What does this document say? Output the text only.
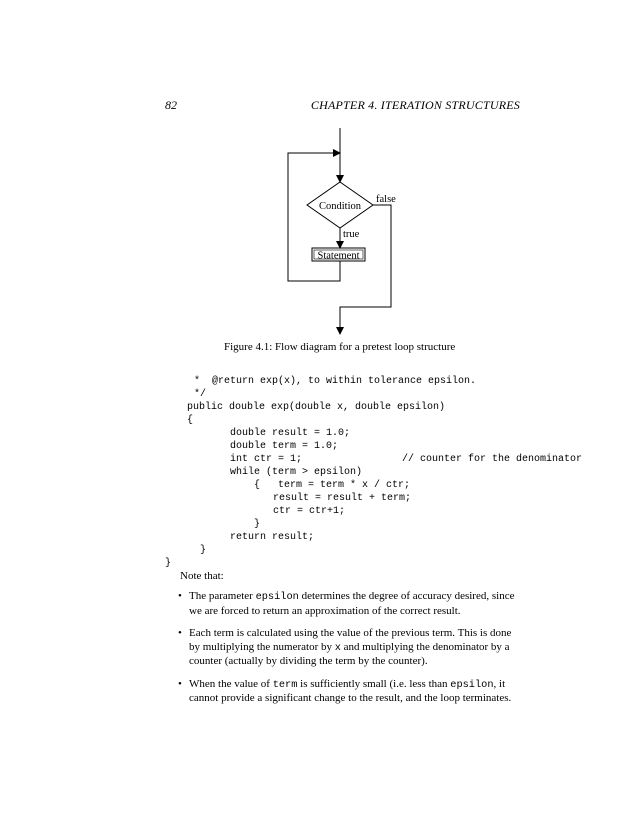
82	CHAPTER 4. ITERATION STRUCTURES
Condition
true
Statement
false
Figure 4.1: Flow diagram for a pretest loop structure
*  @return exp(x), to within tolerance epsilon.
*/
public double exp(double x, double epsilon)
{
double result = 1.0;
double term = 1.0;
int ctr = 1;	// counter for the denominator
while (term > epsilon)
{   term = term * x / ctr;
result = result + term;
ctr = ctr+1;
}
return result;
}
}
Note that:
• The parameter epsilon determines the degree of accuracy desired, since we are forced to return an approximation of the correct result.
• Each term is calculated using the value of the previous term. This is done by multiplying the numerator by x and multiplying the denominator by a counter (actually by dividing the term by the counter).
• When the value of term is sufficiently small (i.e. less than epsilon, it cannot provide a significant change to the result, and the loop terminates.
